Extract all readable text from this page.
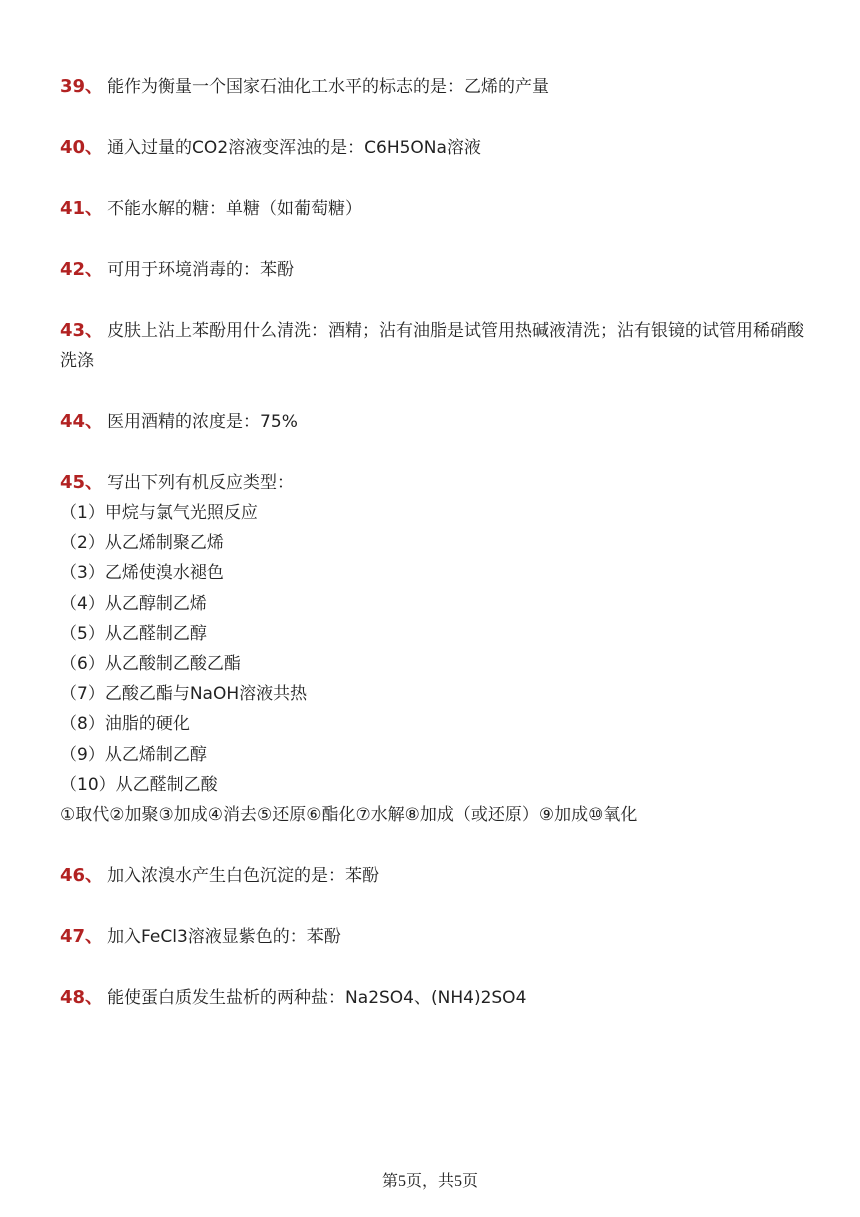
39、 能作为衡量一个国家石油化工水平的标志的是：乙烯的产量
40、 通入过量的CO2溶液变浑浊的是：C6H5ONa溶液
41、 不能水解的糖：单糖（如葡萄糖）
42、 可用于环境消毒的：苯酚
43、 皮肤上沾上苯酚用什么清洗：酒精；沾有油脂是试管用热碱液清洗；沾有银镜的试管用稀硝酸洗涤
44、 医用酒精的浓度是：75%
45、 写出下列有机反应类型：
（1）甲烷与氯气光照反应
（2）从乙烯制聚乙烯
（3）乙烯使溴水褪色
（4）从乙醇制乙烯
（5）从乙醛制乙醇
（6）从乙酸制乙酸乙酯
（7）乙酸乙酯与NaOH溶液共热
（8）油脂的硬化
（9）从乙烯制乙醇
（10）从乙醛制乙酸
①取代②加聚③加成④消去⑤还原⑥酯化⑦水解⑧加成（或还原）⑨加成⑩氧化
46、 加入浓溴水产生白色沉淀的是：苯酚
47、 加入FeCl3溶液显紫色的：苯酚
48、 能使蛋白质发生盐析的两种盐：Na2SO4、(NH4)2SO4
第5页，共5页
